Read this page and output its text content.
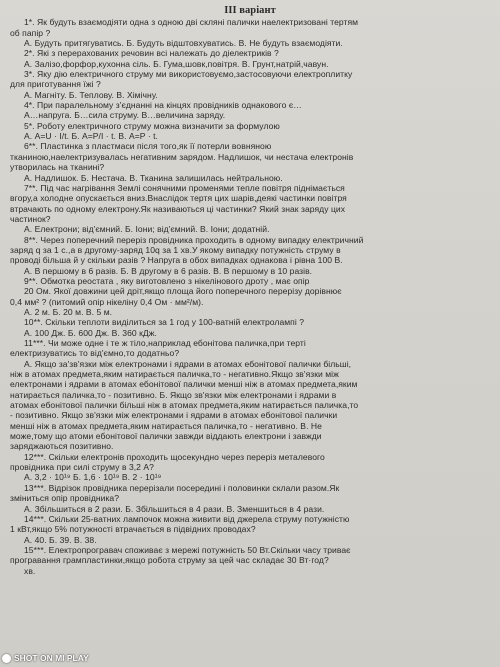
III варіант
1*. Як будуть взаємодіяти одна з одною дві скляні палички наелектризовані тертям
об папір ?
А. Будуть притягуватись. Б. Будуть відштовхуватись. В. Не будуть взаємодіяти.
2*. Які з перерахованих речовин всі належать до діелектриків ?
А. Залізо,форфор,кухонна сіль. Б. Гума,шовк,повітря. В. Грунт,натрій,чавун.
3*. Яку дію електричного струму ми використовуємо,застосовуючи електроплитку
для приготування їжі ?
А. Магніту. Б. Теплову. В. Хімічну.
4*. При паралельному з'єднанні на кінцях провідників однакового є…
А…напруга. Б…сила струму. В…величина заряду.
5*. Роботу електричного струму можна визначити за формулою
А. А=U · I/t. Б. А=P/I · t. В. А=P · t.
6**. Пластинка з пластмаси після того,як її потерли вовняною
тканиною,наелектризувалась негативним зарядом. Надлишок, чи нестача електронів
утворилась на тканині?
А. Надлишок. Б. Нестача. В. Тканина залишилась нейтральною.
7**. Під час нагрівання Землі сонячними променями тепле повітря піднімається
вгору,а холодне опускається вниз.Внаслідок тертя цих шарів,деякі частинки повітря
втрачають по одному електрону.Як називаються ці частинки? Який знак заряду цих
частинок?
А. Електрони; від'ємний. Б. Іони; від'ємний. В. Іони; додатній.
8**. Через поперечний переріз провідника проходить в одному випадку електричний
заряд q за 1 с.,а в другому-заряд 10q за 1 хв.У якому випадку потужність струму в
проводі більша й у скільки разів ? Напруга в обох випадках однакова і рівна 100 В.
А. В першому в 6 разів. Б. В другому в 6 разів. В. В першому в 10 разів.
9**. Обмотка реостата , яку виготовлено з нікелінового дроту , має опір
20 Ом. Якої довжини цей дріт,якщо площа його поперечного перерізу дорівнює
0,4 мм² ? (питомий опір нікеліну 0,4 Ом · мм²/м).
А. 2 м. Б. 20 м. В. 5 м.
10**. Скільки теплоти виділиться за 1 год у 100-ватній електролампі ?
А. 100 Дж. Б. 600 Дж. В. 360 кДж.
11***. Чи може одне і те ж тіло,наприклад ебонітова паличка,при терті
електризуватись то від'ємно,то додатньо?
А. Якщо за'зв'язки між електронами і ядрами в атомах ебонітової палички більші,
ніж в атомах предмета,яким натирається паличка,то - негативно.Якщо зв'язки між
електронами і ядрами в атомах ебонітової палички менші ніж в атомах предмета,яким
натирається паличка,то - позитивно. Б. Якщо зв'язки між електронами і ядрами в
атомах ебонітової палички більші ніж в атомах предмета,яким натирається паличка,то
- позитивно. Якщо зв'язки між електронами і ядрами в атомах ебонітової палички
менші ніж в атомах предмета,яким натирається паличка,то - негативно. В. Не
може,тому що атоми ебонітової палички завжди віддають електрони і завжди
заряджаються позитивно.
12***. Скільки електронів проходить щосекундно через переріз металевого
провідника при силі струму в 3,2 А?
А. 3,2 · 10¹⁹ Б. 1,6 · 10¹⁹ В. 2 · 10¹⁹
13***. Відрізок провідника перерізали посередині і половинки склали разом.Як
зміниться опір провідника?
А. Збільшиться в 2 рази. Б. Збільшиться в 4 рази. В. Зменшиться в 4 рази.
14***. Скільки 25-ватних лампочок можна живити від джерела струму потужністю
1 кВт,якщо 5% потужності втрачається в підвідних проводах?
А. 40. Б. 39. В. 38.
15***. Електропрогравач споживає з мережі потужність 50 Вт.Скільки часу триває
програвання грампластинки,якщо робота струму за цей час складає 30 Вт·год?
хв.
SHOT ON MI PLAY
